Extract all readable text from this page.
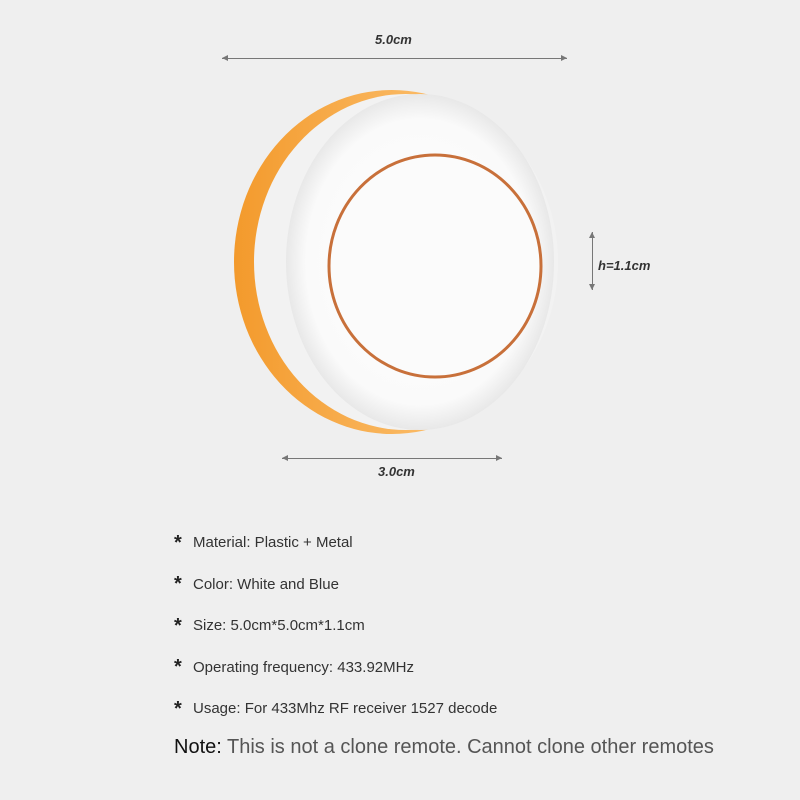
5.0cm
h=1.1cm
3.0cm
* Material: Plastic + Metal
* Color: White and Blue
* Size: 5.0cm*5.0cm*1.1cm
* Operating frequency: 433.92MHz
* Usage: For 433Mhz RF receiver 1527 decode
Note: This is not a clone remote. Cannot clone other remotes
